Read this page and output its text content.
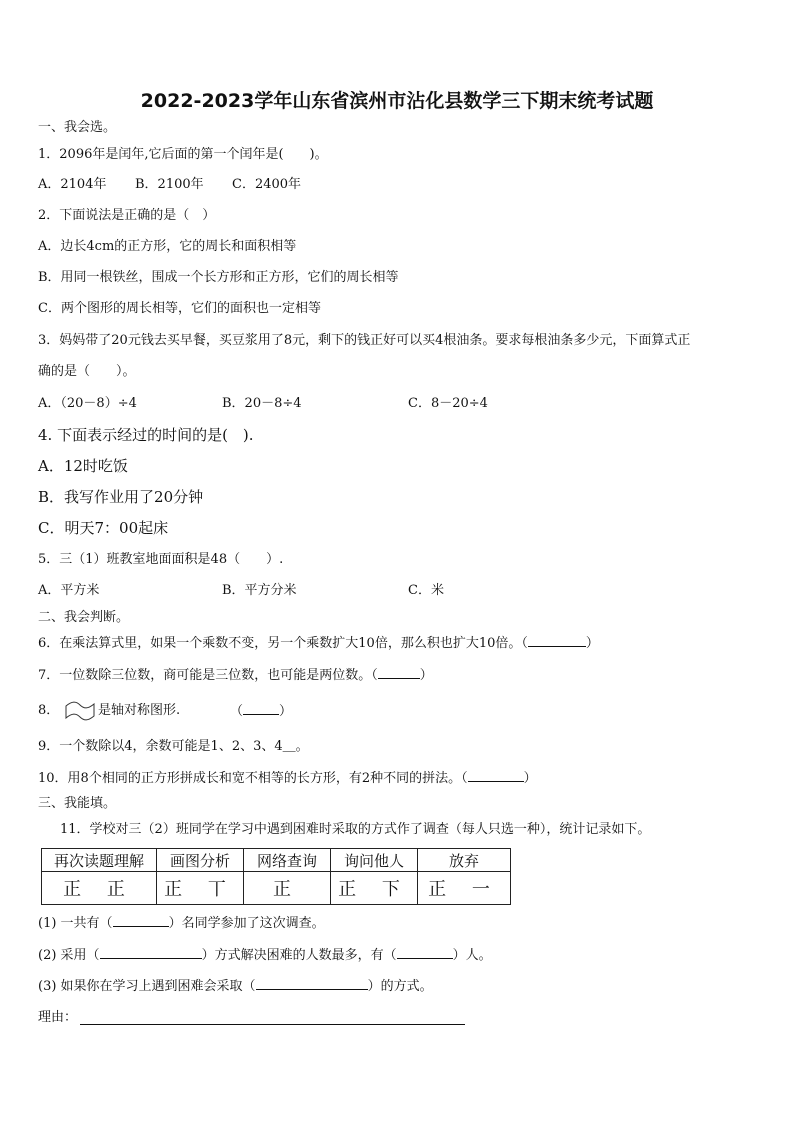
2022-2023学年山东省滨州市沾化县数学三下期末统考试题
一、我会选。
1．2096年是闰年,它后面的第一个闰年是(　　)。
A．2104年 B．2100年 C．2400年
2．下面说法是正确的是（　）
A．边长4cm的正方形，它的周长和面积相等
B．用同一根铁丝，围成一个长方形和正方形，它们的周长相等
C．两个图形的周长相等，它们的面积也一定相等
3．妈妈带了20元钱去买早餐，买豆浆用了8元，剩下的钱正好可以买4根油条。要求每根油条多少元，下面算式正
确的是（　　）。
A．（20－8）÷4	B．20－8÷4	C．8－20÷4
4. 下面表示经过的时间的是(　).
A．12时吃饭
B．我写作业用了20分钟
C．明天7：00起床
5．三（1）班教室地面面积是48（　　）.
A．平方米	B．平方分米	C．米
二、我会判断。
6．在乘法算式里，如果一个乘数不变，另一个乘数扩大10倍，那么积也扩大10倍。（	）
7．一位数除三位数，商可能是三位数，也可能是两位数。（	）
8．	是轴对称图形.	（	）
9．一个数除以4，余数可能是1、2、3、4＿。
10．用8个相同的正方形拼成长和宽不相等的长方形，有2种不同的拼法。（	）
三、我能填。
11．学校对三（2）班同学在学习中遇到困难时采取的方式作了调查（每人只选一种），统计记录如下。
再次读题理解	画图分析	网络查询	询问他人	放弃
正 正	正 丅	正	正 下	正 一
(1) 一共有（	）名同学参加了这次调查。
(2) 采用（	）方式解决困难的人数最多，有（	）人。
(3) 如果你在学习上遇到困难会采取（	）的方式。
理由：
